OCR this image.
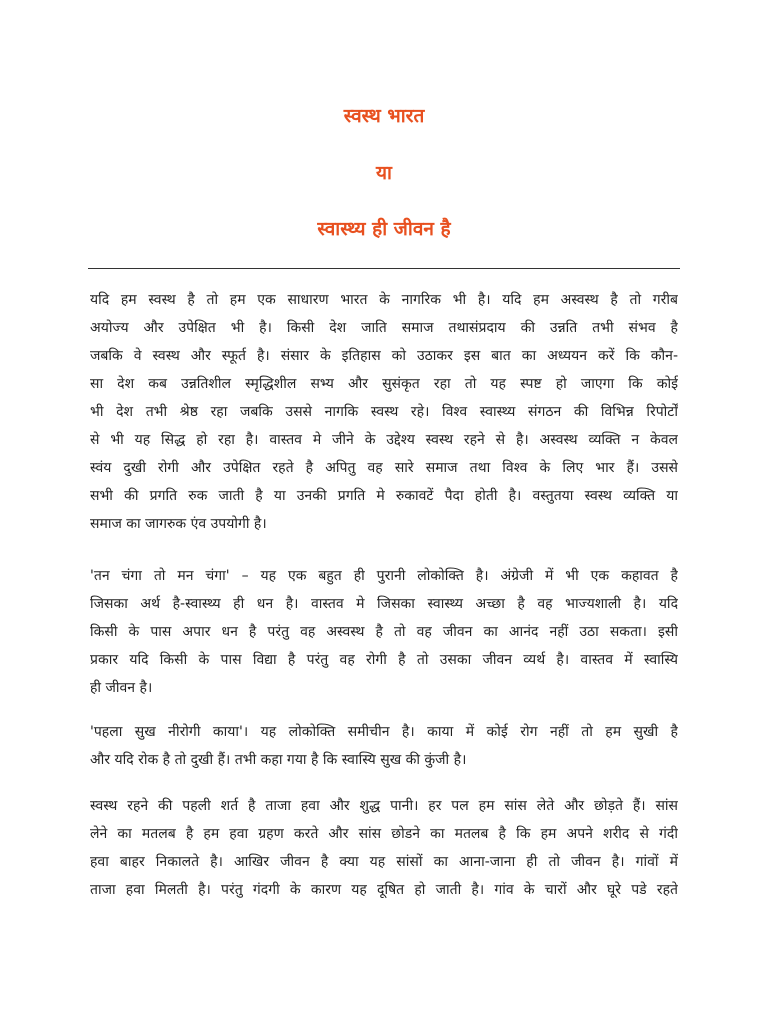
स्वस्थ भारत
या
स्वास्थ्य ही जीवन है
यदि हम स्वस्थ है तो हम एक साधारण भारत के नागरिक भी है। यदि हम अस्वस्थ है तो गरीब
अयोज्य और उपेक्षित भी है। किसी देश जाति समाज तथासंप्रदाय की उन्नति तभी संभव है
जबकि वे स्वस्थ और स्फूर्त है। संसार के इतिहास को उठाकर इस बात का अध्ययन करें कि कौन-
सा देश कब उन्नतिशील स्मृद्धिशील सभ्य और सुसंकृत रहा तो यह स्पष्ट हो जाएगा कि कोई
भी देश तभी श्रेष्ठ रहा जबकि उससे नागकि स्वस्थ रहे। विश्व स्वास्थ्य संगठन की विभिन्न रिपोर्टों
से भी यह सिद्ध हो रहा है। वास्तव मे जीने के उद्देश्य स्वस्थ रहने से है। अस्वस्थ व्यक्ति न केवल
स्वंय दुखी रोगी और उपेक्षित रहते है अपितु वह सारे समाज तथा विश्व के लिए भार हैं। उससे
सभी की प्रगति रुक जाती है या उनकी प्रगति मे रुकावटें पैदा होती है। वस्तुतया स्वस्थ व्यक्ति या
समाज का जागरुक एंव उपयोगी है।
'तन चंगा तो मन चंगा' – यह एक बहुत ही पुरानी लोकोक्ति है। अंग्रेजी में भी एक कहावत है
जिसका अर्थ है-स्वास्थ्य ही धन है। वास्तव मे जिसका स्वास्थ्य अच्छा है वह भाज्यशाली है। यदि
किसी के पास अपार धन है परंतु वह अस्वस्थ है तो वह जीवन का आनंद नहीं उठा सकता। इसी
प्रकार यदि किसी के पास विद्या है परंतु वह रोगी है तो उसका जीवन व्यर्थ है। वास्तव में स्वास्यि
ही जीवन है।
'पहला सुख नीरोगी काया'। यह लोकोक्ति समीचीन है। काया में कोई रोग नहीं तो हम सुखी है
और यदि रोक है तो दुखी हैं। तभी कहा गया है कि स्वास्यि सुख की कुंजी है।
स्वस्थ रहने की पहली शर्त है ताजा हवा और शुद्ध पानी। हर पल हम सांस लेते और छोड़ते हैं। सांस
लेने का मतलब है हम हवा ग्रहण करते और सांस छोडने का मतलब है कि हम अपने शरीद से गंदी
हवा बाहर निकालते है। आखिर जीवन है क्या यह सांसों का आना-जाना ही तो जीवन है। गांवों में
ताजा हवा मिलती है। परंतु गंदगी के कारण यह दूषित हो जाती है। गांव के चारों और घूरे पडे रहते
